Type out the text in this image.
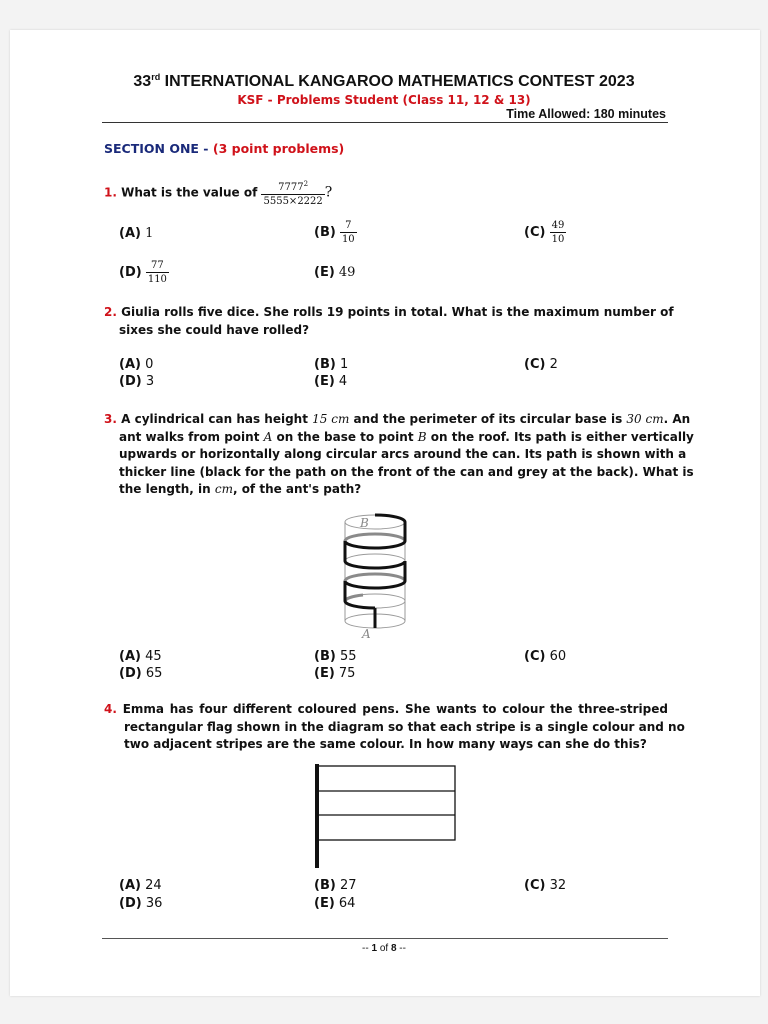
33rd INTERNATIONAL KANGAROO MATHEMATICS CONTEST 2023
KSF - Problems Student (Class 11, 12 & 13)
Time Allowed: 180 minutes
SECTION ONE - (3 point problems)
1. What is the value of $\frac{7777^2}{5555\times 2222}$ ?
(A) 1	$(B) \frac{7}{10}$	$(C) \frac{49}{10}$
$(D) \frac{77}{110}$	(E) 49
2. Giulia rolls five dice. She rolls 19 points in total. What is the maximum number of
sixes she could have rolled?
(A) 0	(B) 1	(C) 2
(D) 3	(E) 4
3. A cylindrical can has height 15 cm and the perimeter of its circular base is 30 cm. An
ant walks from point A on the base to point B on the roof. Its path is either vertically
upwards or horizontally along circular arcs around the can. Its path is shown with a
thicker line (black for the path on the front of the can and grey at the back). What is
the length, in cm, of the ant's path?
B
A
(A) 45	(B) 55	(C) 60
(D) 65	(E) 75
4. Emma has four different coloured pens. She wants to colour the three-striped
rectangular flag shown in the diagram so that each stripe is a single colour and no
two adjacent stripes are the same colour. In how many ways can she do this?
(A) 24	(B) 27	(C) 32
(D) 36	(E) 64
-- 1 of 8 --
